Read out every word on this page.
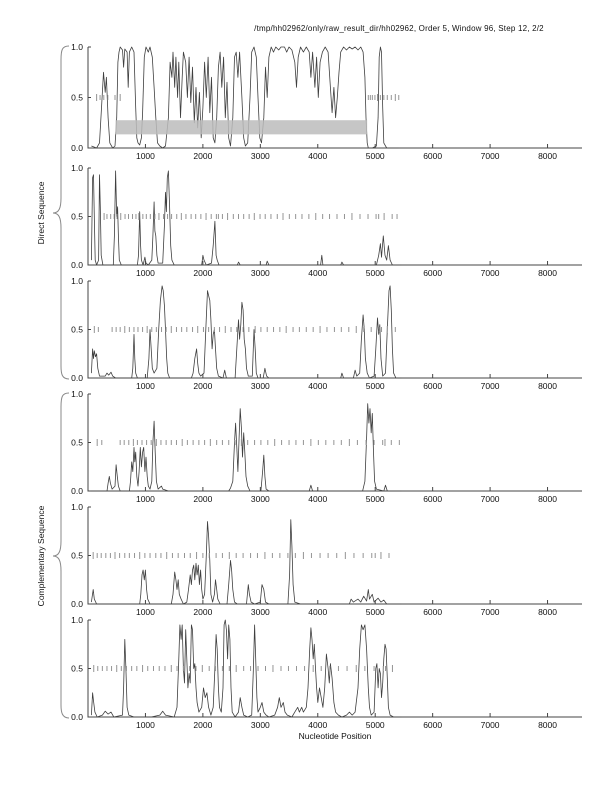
/tmp/hh02962/only/raw_result_dir/hh02962, Order 5, Window 96, Step 12, 2/2
Direct Sequence
Complementary Sequence
Nucleotide Position
1000	2000	3000	4000	5000	6000	7000	8000
1.0
0.5
0.0
1000	2000	3000	4000	5000	6000	7000	8000
1.0
0.5
0.0
1000	2000	3000	4000	5000	6000	7000	8000
1.0
0.5
0.0
1000	2000	3000	4000	5000	6000	7000	8000
1.0
0.5
0.0
1000	2000	3000	4000	5000	6000	7000	8000
1.0
0.5
0.0
1000	2000	3000	4000	5000	6000	7000	8000
1.0
0.5
0.0
